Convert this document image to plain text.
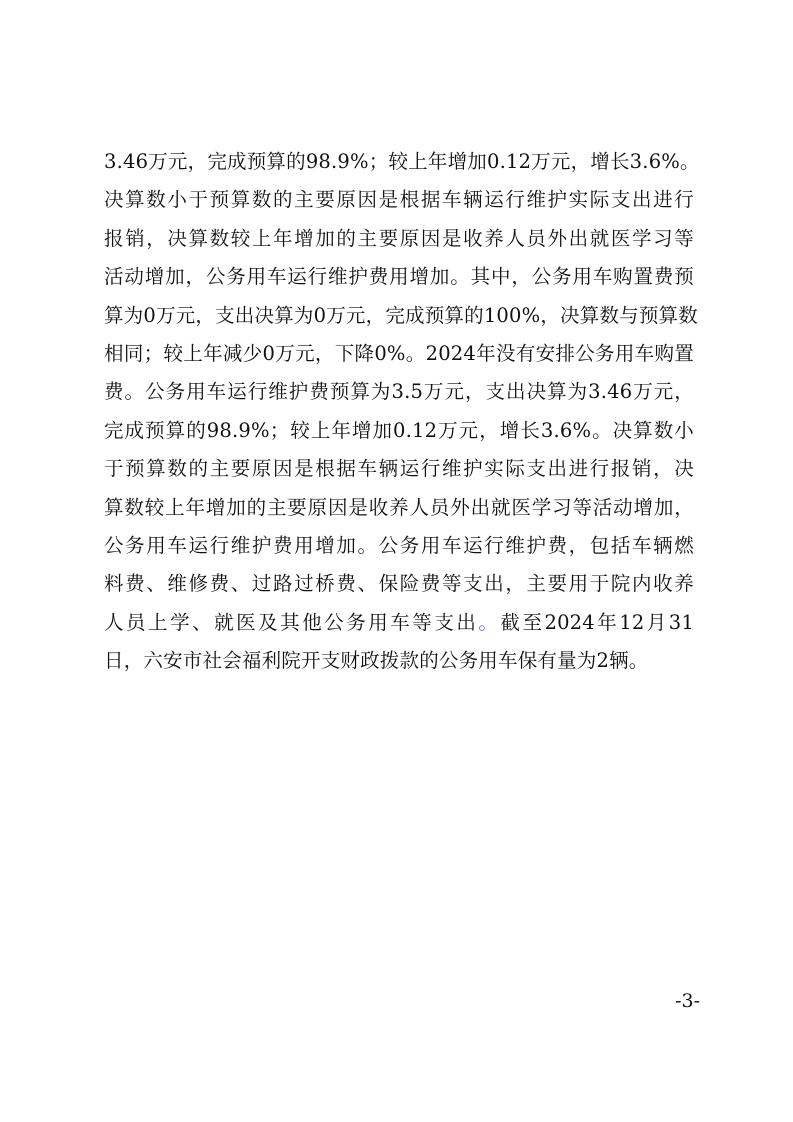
3.46万元，完成预算的98.9%；较上年增加0.12万元，增长3.6%。
决算数小于预算数的主要原因是根据车辆运行维护实际支出进行
报销，决算数较上年增加的主要原因是收养人员外出就医学习等
活动增加，公务用车运行维护费用增加。其中，公务用车购置费预
算为0万元，支出决算为0万元，完成预算的100%，决算数与预算数
相同；较上年减少0万元，下降0%。2024年没有安排公务用车购置
费。公务用车运行维护费预算为3.5万元，支出决算为3.46万元，
完成预算的98.9%；较上年增加0.12万元，增长3.6%。决算数小
于预算数的主要原因是根据车辆运行维护实际支出进行报销，决
算数较上年增加的主要原因是收养人员外出就医学习等活动增加，
公务用车运行维护费用增加。公务用车运行维护费，包括车辆燃
料费、维修费、过路过桥费、保险费等支出，主要用于院内收养
人员上学、就医及其他公务用车等支出。截至2024年12月31
日，六安市社会福利院开支财政拨款的公务用车保有量为2辆。
-3-
